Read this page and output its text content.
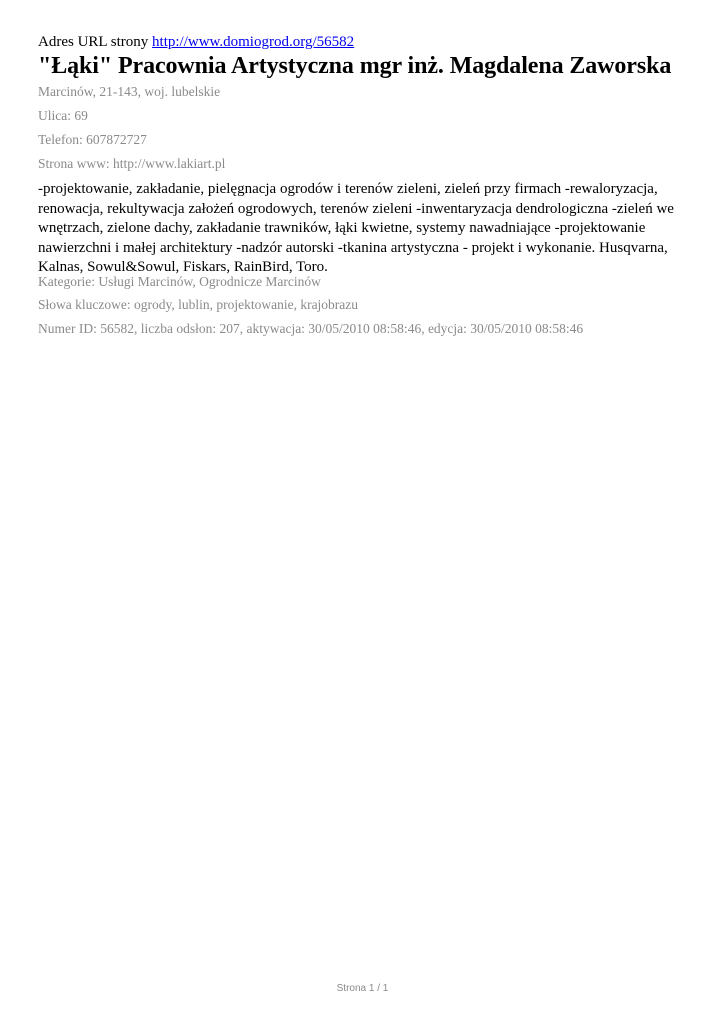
Adres URL strony http://www.domiogrod.org/56582
"Łąki" Pracownia Artystyczna mgr inż. Magdalena Zaworska
Marcinów, 21-143, woj. lubelskie
Ulica: 69
Telefon: 607872727
Strona www: http://www.lakiart.pl
-projektowanie, zakładanie, pielęgnacja ogrodów i terenów zieleni, zieleń przy firmach -rewaloryzacja, renowacja, rekultywacja założeń ogrodowych, terenów zieleni -inwentaryzacja dendrologiczna -zieleń we wnętrzach, zielone dachy, zakładanie trawników, łąki kwietne, systemy nawadniające -projektowanie nawierzchni i małej architektury -nadzór autorski -tkanina artystyczna - projekt i wykonanie. Husqvarna, Kalnas, Sowul&Sowul, Fiskars, RainBird, Toro.
Kategorie: Usługi Marcinów, Ogrodnicze Marcinów
Słowa kluczowe: ogrody, lublin, projektowanie, krajobrazu
Numer ID: 56582, liczba odsłon: 207, aktywacja: 30/05/2010 08:58:46, edycja: 30/05/2010 08:58:46
Strona 1 / 1
